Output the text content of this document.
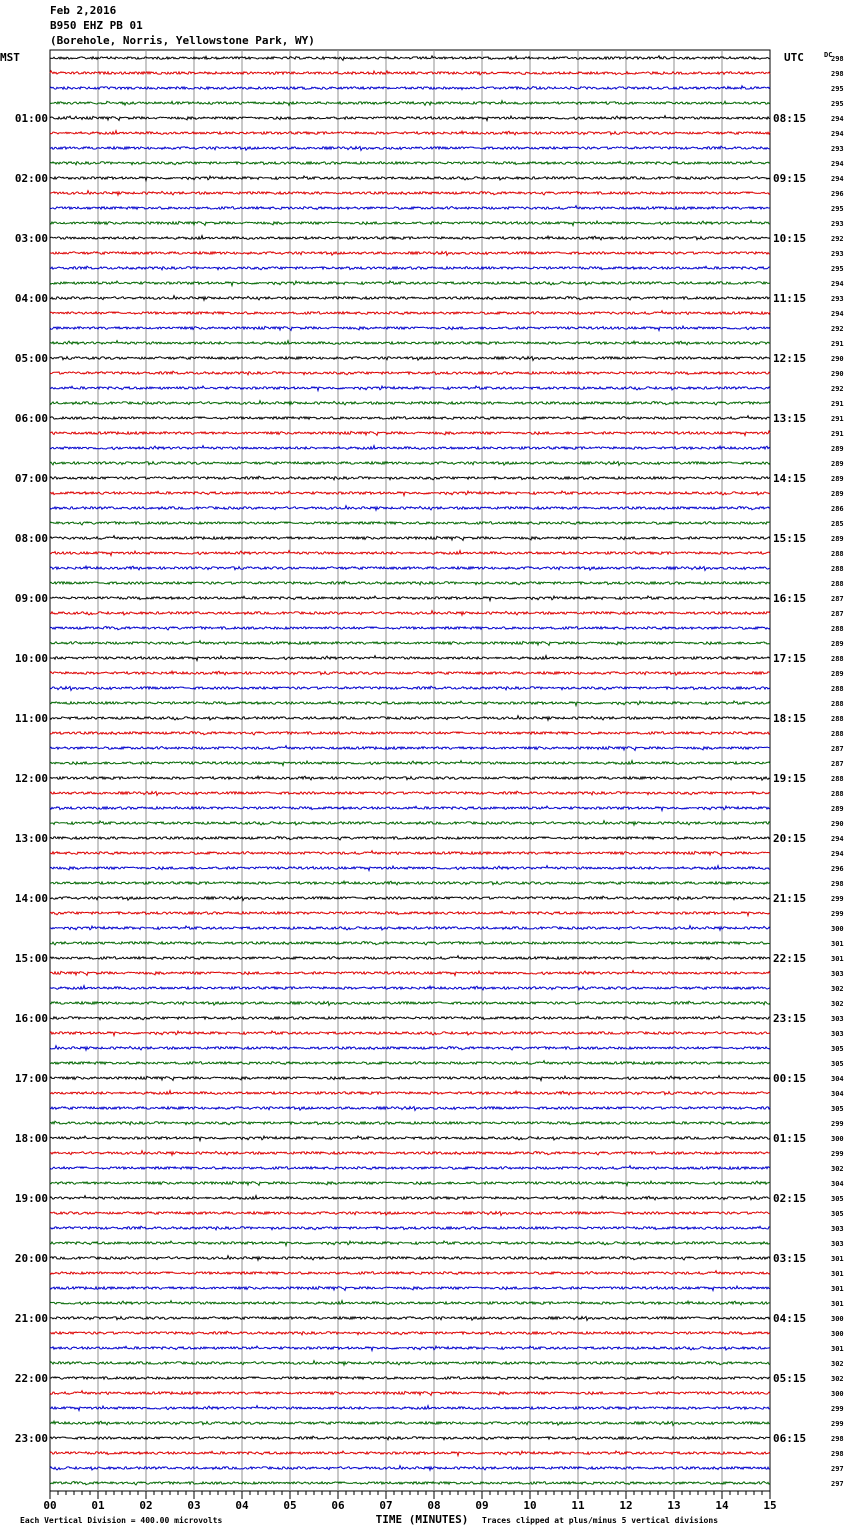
Feb 2,2016
B950 EHZ PB 01
(Borehole, Norris, Yellowstone Park, WY)
298
298
295
295
294
294
293
294
294
296
295
293
292
293
295
294
293
294
292
291
290
290
292
291
291
291
289
289
289
289
286
285
289
288
288
288
287
287
288
289
288
289
288
288
288
288
287
287
288
288
289
290
294
294
296
298
299
299
300
301
301
303
302
302
303
303
305
305
304
304
305
299
300
299
302
304
305
305
303
303
301
301
301
301
300
300
301
302
302
300
299
299
298
298
297
297
MST	UTC	DC
01:00	08:15
02:00	09:15
03:00	10:15
04:00	11:15
05:00	12:15
06:00	13:15
07:00	14:15
08:00	15:15
09:00	16:15
10:00	17:15
11:00	18:15
12:00	19:15
13:00	20:15
14:00	21:15
15:00	22:15
16:00	23:15
17:00	00:15
18:00	01:15
19:00	02:15
20:00	03:15
21:00	04:15
22:00	05:15
23:00	06:15
00	01	02	03	04	05	06	07	08	09	10	11	12	13	14	15
Each Vertical Division = 400.00 microvolts	TIME (MINUTES) Traces clipped at plus/minus 5 vertical divisions
